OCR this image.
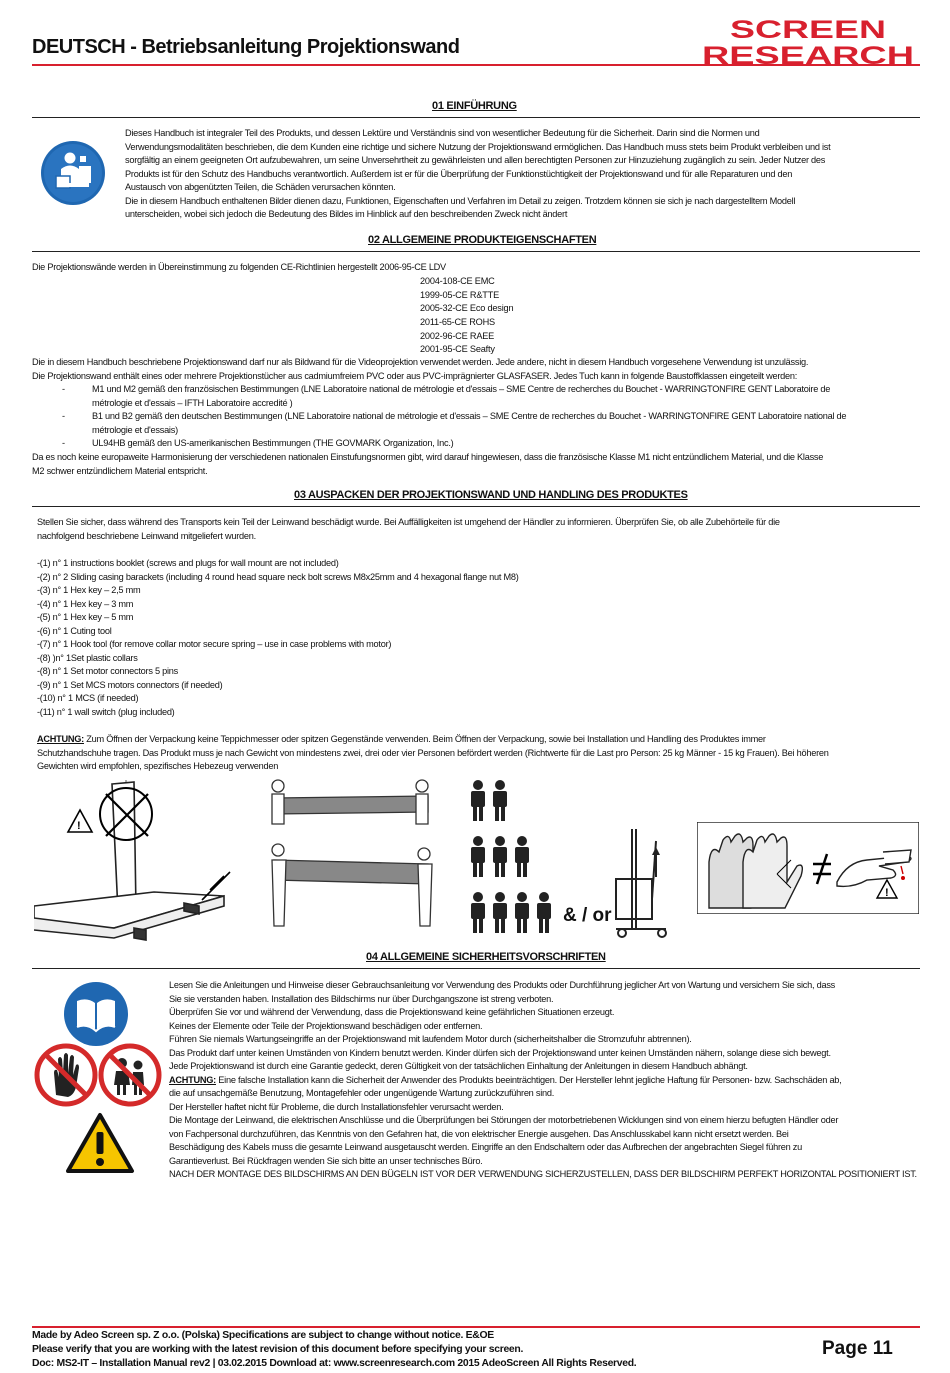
DEUTSCH - Betriebsanleitung Projektionswand
SCREEN
RESEARCH
01 EINFÜHRUNG
Dieses Handbuch ist integraler Teil des Produkts, und dessen Lektüre und Verständnis sind von wesentlicher Bedeutung für die Sicherheit. Darin sind die Normen und
Verwendungsmodalitäten beschrieben, die dem Kunden eine richtige und sichere Nutzung der Projektionswand ermöglichen. Das Handbuch muss stets beim Produkt verbleiben und ist
sorgfältig an einem geeigneten Ort aufzubewahren, um seine Unversehrtheit zu gewährleisten und allen berechtigten Personen zur Hinzuziehung zugänglich zu sein. Jeder Nutzer des
Produkts ist für den Schutz des Handbuchs verantwortlich. Außerdem ist er für die Überprüfung der Funktionstüchtigkeit der Projektionswand und für alle Reparaturen und den
Austausch von abgenützten Teilen, die Schäden verursachen könnten.
Die in diesem Handbuch enthaltenen Bilder dienen dazu, Funktionen, Eigenschaften und Verfahren im Detail zu zeigen. Trotzdem können sie sich je nach dargestelltem Modell
unterscheiden, wobei sich jedoch die Bedeutung des Bildes im Hinblick auf den beschreibenden Zweck nicht ändert
02 ALLGEMEINE PRODUKTEIGENSCHAFTEN
Die Projektionswände werden in Übereinstimmung zu folgenden CE-Richtlinien hergestellt 2006-95-CE LDV
2004-108-CE EMC
1999-05-CE R&TTE
2005-32-CE Eco design
2011-65-CE ROHS
2002-96-CE RAEE
2001-95-CE Seafty
Die in diesem Handbuch beschriebene Projektionswand darf nur als Bildwand für die Videoprojektion verwendet werden. Jede andere, nicht in diesem Handbuch vorgesehene Verwendung ist unzulässig.
Die Projektionswand enthält eines oder mehrere Projektionstücher aus cadmiumfreiem PVC oder aus PVC-imprägnierter GLASFASER. Jedes Tuch kann in folgende Baustoffklassen eingeteilt werden:
-	M1 und M2 gemäß den französischen Bestimmungen (LNE Laboratoire national de métrologie et d'essais – SME Centre de recherches du Bouchet - WARRINGTONFIRE GENT Laboratoire de
métrologie et d'essais – IFTH Laboratoire accredité )
-	B1 und B2 gemäß den deutschen Bestimmungen (LNE Laboratoire national de métrologie et d'essais – SME Centre de recherches du Bouchet - WARRINGTONFIRE GENT Laboratoire national de
métrologie et d'essais)
-	UL94HB gemäß den US-amerikanischen Bestimmungen (THE GOVMARK Organization, Inc.)
Da es noch keine europaweite Harmonisierung der verschiedenen nationalen Einstufungsnormen gibt, wird darauf hingewiesen, dass die französische Klasse M1 nicht entzündlichem Material, und die Klasse
M2 schwer entzündlichem Material entspricht.
03 AUSPACKEN DER PROJEKTIONSWAND UND HANDLING DES PRODUKTES
Stellen Sie sicher, dass während des Transports kein Teil der Leinwand beschädigt wurde. Bei Auffälligkeiten ist umgehend der Händler zu informieren. Überprüfen Sie, ob alle Zubehörteile für die
nachfolgend beschriebene Leinwand mitgeliefert wurden.
-(1) n° 1 instructions booklet (screws and plugs for wall mount are not included)
-(2) n° 2 Sliding casing barackets (including 4 round head square neck bolt screws M8x25mm and 4 hexagonal flange nut M8)
-(3) n° 1 Hex key – 2,5 mm
-(4) n° 1 Hex key – 3 mm
-(5) n° 1 Hex key – 5 mm
-(6) n° 1 Cuting tool
-(7) n° 1 Hook tool (for remove collar motor secure spring – use in case problems with motor)
-(8) )n° 1Set plastic collars
-(8) n° 1 Set motor connectors 5 pins
-(9) n° 1 Set MCS motors connectors (if needed)
-(10) n° 1 MCS (if needed)
-(11) n° 1 wall switch (plug included)
ACHTUNG: Zum Öffnen der Verpackung keine Teppichmesser oder spitzen Gegenstände verwenden. Beim Öffnen der Verpackung, sowie bei Installation und Handling des Produktes immer
Schutzhandschuhe tragen. Das Produkt muss je nach Gewicht von mindestens zwei, drei oder vier Personen befördert werden (Richtwerte für die Last pro Person: 25 kg Männer - 15 kg Frauen). Bei höheren
Gewichten wird empfohlen, spezifisches Hebezeug verwenden
!
& / or
!
04 ALLGEMEINE SICHERHEITSVORSCHRIFTEN
Lesen Sie die Anleitungen und Hinweise dieser Gebrauchsanleitung vor Verwendung des Produkts oder Durchführung jeglicher Art von Wartung und versichern Sie sich, dass
Sie sie verstanden haben. Installation des Bildschirms nur über Durchgangszone ist streng verboten.
Überprüfen Sie vor und während der Verwendung, dass die Projektionswand keine gefährlichen Situationen erzeugt.
Keines der Elemente oder Teile der Projektionswand beschädigen oder entfernen.
Führen Sie niemals Wartungseingriffe an der Projektionswand mit laufendem Motor durch (sicherheitshalber die Stromzufuhr abtrennen).
Das Produkt darf unter keinen Umständen von Kindern benutzt werden. Kinder dürfen sich der Projektionswand unter keinen Umständen nähern, solange diese sich bewegt.
Jede Projektionswand ist durch eine Garantie gedeckt, deren Gültigkeit von der tatsächlichen Einhaltung der Anleitungen in diesem Handbuch abhängt.
ACHTUNG: Eine falsche Installation kann die Sicherheit der Anwender des Produkts beeinträchtigen. Der Hersteller lehnt jegliche Haftung für Personen- bzw. Sachschäden ab,
die auf unsachgemäße Benutzung, Montagefehler oder ungenügende Wartung zurückzuführen sind.
Der Hersteller haftet nicht für Probleme, die durch Installationsfehler verursacht werden.
Die Montage der Leinwand, die elektrischen Anschlüsse und die Überprüfungen bei Störungen der motorbetriebenen Wicklungen sind von einem hierzu befugten Händler oder
von Fachpersonal durchzuführen, das Kenntnis von den Gefahren hat, die von elektrischer Energie ausgehen. Das Anschlusskabel kann nicht ersetzt werden. Bei
Beschädigung des Kabels muss die gesamte Leinwand ausgetauscht werden. Eingriffe an den Endschaltern oder das Aufbrechen der angebrachten Siegel führen zu
Garantieverlust. Bei Rückfragen wenden Sie sich bitte an unser technisches Büro.
NACH DER MONTAGE DES BILDSCHIRMS AN DEN BÜGELN IST VOR DER VERWENDUNG SICHERZUSTELLEN, DASS DER BILDSCHIRM PERFEKT HORIZONTAL POSITIONIERT IST.
Made by Adeo Screen sp. Z o.o. (Polska) Specifications are subject to change without notice. E&OE
Please verify that you are working with the latest revision of this document before specifying your screen.
Doc: MS2-IT – Installation Manual rev2 | 03.02.2015 Download at: www.screenresearch.com 2015 AdeoScreen All Rights Reserved.
Page 11
